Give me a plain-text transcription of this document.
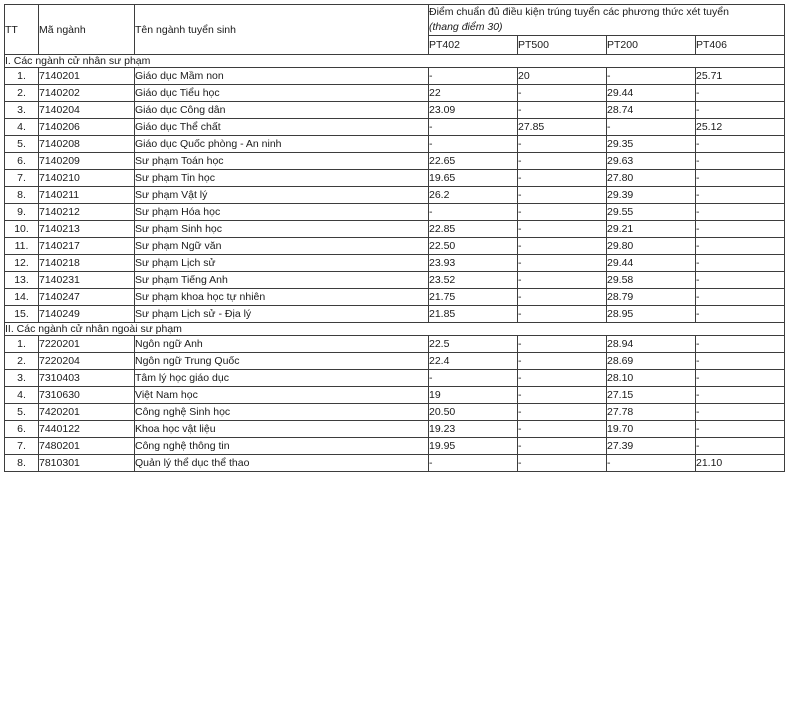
TT	Mã ngành	Tên ngành tuyển sinh	Điểm chuẩn đủ điều kiện trúng tuyển các phương thức xét tuyển
(thang điểm 30)			

			PT402	PT500	PT200	PT406
I. Các ngành cử nhân sư phạm						
1.	7140201	Giáo dục Mầm non	-	20	-	25.71
2.	7140202	Giáo dục Tiểu học	22	-	29.44	-
3.	7140204	Giáo dục Công dân	23.09	-	28.74	-
4.	7140206	Giáo dục Thể chất	-	27.85	-	25.12
5.	7140208	Giáo dục Quốc phòng - An ninh	-	-	29.35	-
6.	7140209	Sư phạm Toán học	22.65	-	29.63	-
7.	7140210	Sư phạm Tin học	19.65	-	27.80	-
8.	7140211	Sư phạm Vật lý	26.2	-	29.39	-
9.	7140212	Sư phạm Hóa học	-	-	29.55	-
10.	7140213	Sư phạm Sinh học	22.85	-	29.21	-
11.	7140217	Sư phạm Ngữ văn	22.50	-	29.80	-
12.	7140218	Sư phạm Lịch sử	23.93	-	29.44	-
13.	7140231	Sư phạm Tiếng Anh	23.52	-	29.58	-
14.	7140247	Sư phạm khoa học tự nhiên	21.75	-	28.79	-
15.	7140249	Sư phạm Lịch sử - Địa lý	21.85	-	28.95	-
II. Các ngành cử nhân ngoài sư phạm						
1.	7220201	Ngôn ngữ Anh	22.5	-	28.94	-
2.	7220204	Ngôn ngữ Trung Quốc	22.4	-	28.69	-
3.	7310403	Tâm lý học giáo dục	-	-	28.10	-
4.	7310630	Việt Nam học	19	-	27.15	-
5.	7420201	Công nghệ Sinh học	20.50	-	27.78	-
6.	7440122	Khoa học vật liệu	19.23	-	19.70	-
7.	7480201	Công nghệ thông tin	19.95	-	27.39	-
8.	7810301	Quản lý thể dục thể thao	-	-	-	21.10
